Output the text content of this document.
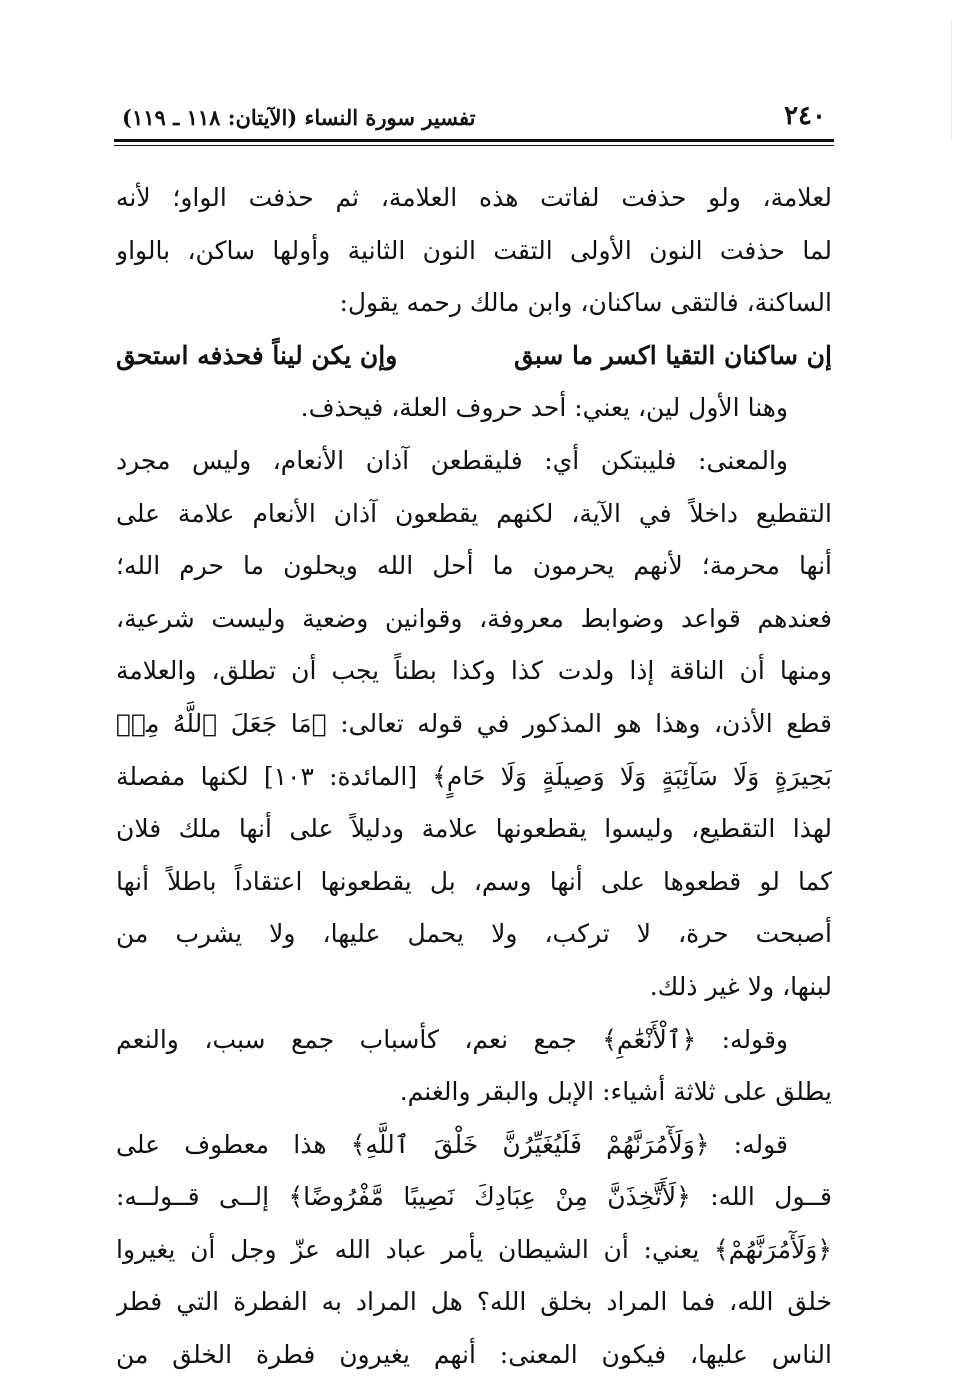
٢٤٠
تفسير سورة النساء (الآيتان: ١١٨ ـ ١١٩)
لعلامة، ولو حذفت لفاتت هذه العلامة، ثم حذفت الواو؛ لأنه
لما حذفت النون الأولى التقت النون الثانية وأولها ساكن، بالواو
الساكنة، فالتقى ساكنان، وابن مالك رحمه يقول:
إن ساكنان التقيا اكسر ما سبق
وإن يكن ليناً فحذفه استحق
وهنا الأول لين، يعني: أحد حروف العلة، فيحذف.
والمعنى: فليبتكن أي: فليقطعن آذان الأنعام، وليس مجرد
التقطيع داخلاً في الآية، لكنهم يقطعون آذان الأنعام علامة على
أنها محرمة؛ لأنهم يحرمون ما أحل الله ويحلون ما حرم الله؛
فعندهم قواعد وضوابط معروفة، وقوانين وضعية وليست شرعية،
ومنها أن الناقة إذا ولدت كذا وكذا بطناً يجب أن تطلق، والعلامة
قطع الأذن، وهذا هو المذكور في قوله تعالى: ﴿مَا جَعَلَ ٱللَّهُ مِنۢ
بَحِيرَةٍ وَلَا سَآئِبَةٍ وَلَا وَصِيلَةٍ وَلَا حَامٍ﴾ [المائدة: ١٠٣] لكنها مفصلة
لهذا التقطيع، وليسوا يقطعونها علامة ودليلاً على أنها ملك فلان
كما لو قطعوها على أنها وسم، بل يقطعونها اعتقاداً باطلاً أنها
أصبحت حرة، لا تركب، ولا يحمل عليها، ولا يشرب من
لبنها، ولا غير ذلك.
وقوله: ﴿ٱلْأَنْعَٰمِ﴾ جمع نعم، كأسباب جمع سبب، والنعم
يطلق على ثلاثة أشياء: الإبل والبقر والغنم.
قوله: ﴿وَلَأٓمُرَنَّهُمْ فَلَيُغَيِّرُنَّ خَلْقَ ٱللَّهِ﴾ هذا معطوف على
قــول الله: ﴿لَأَتَّخِذَنَّ مِنْ عِبَادِكَ نَصِيبًا مَّفْرُوضًا﴾ إلــى قــولــه:
﴿وَلَأٓمُرَنَّهُمْ﴾ يعني: أن الشيطان يأمر عباد الله عزّ وجل أن يغيروا
خلق الله، فما المراد بخلق الله؟ هل المراد به الفطرة التي فطر
الناس عليها، فيكون المعنى: أنهم يغيرون فطرة الخلق من
